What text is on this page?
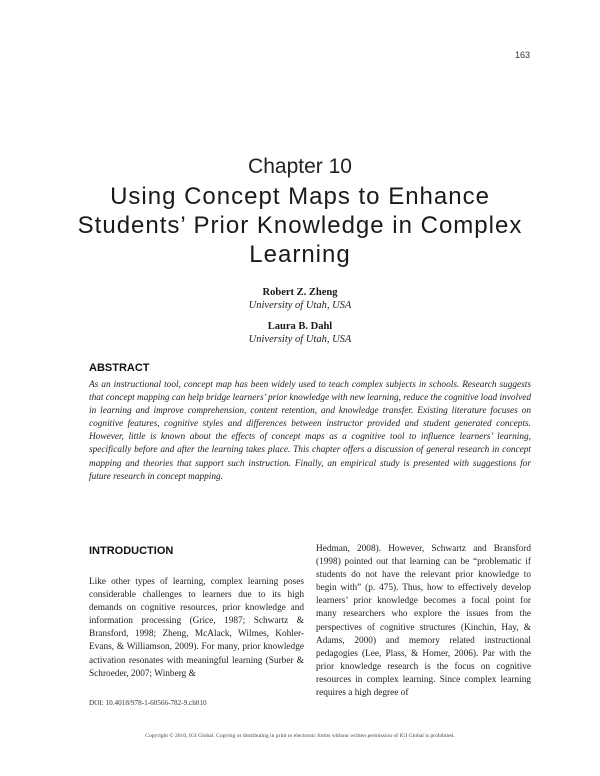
163
Chapter 10
Using Concept Maps to Enhance Students’ Prior Knowledge in Complex Learning
Robert Z. Zheng
University of Utah, USA
Laura B. Dahl
University of Utah, USA
ABSTRACT
As an instructional tool, concept map has been widely used to teach complex subjects in schools. Research suggests that concept mapping can help bridge learners’ prior knowledge with new learning, reduce the cognitive load involved in learning and improve comprehension, content retention, and knowledge transfer. Existing literature focuses on cognitive features, cognitive styles and differences between instructor provided and student generated concepts. However, little is known about the effects of concept maps as a cognitive tool to influence learners’ learning, specifically before and after the learning takes place. This chapter offers a discussion of general research in concept mapping and theories that support such instruction. Finally, an empirical study is presented with suggestions for future research in concept mapping.
INTRODUCTION

Like other types of learning, complex learning poses considerable challenges to learners due to its high demands on cognitive resources, prior knowledge and information processing (Grice, 1987; Schwartz & Bransford, 1998; Zheng, McAlack, Wilmes, Kohler-Evans, & Williamson, 2009). For many, prior knowledge activation resonates with meaningful learning (Surber & Schroeder, 2007; Winberg &

Hedman, 2008). However, Schwartz and Bransford (1998) pointed out that learning can be “problematic if students do not have the relevant prior knowledge to begin with” (p. 475). Thus, how to effectively develop learners’ prior knowledge becomes a focal point for many researchers who explore the issues from the perspectives of cognitive structures (Kinchin, Hay, & Adams, 2000) and memory related instructional pedagogies (Lee, Plass, & Homer, 2006). Par with the prior knowledge research is the focus on cognitive resources in complex learning. Since complex learning requires a high degree of

DOI: 10.4018/978-1-60566-782-9.ch010
Copyright © 2010, IGI Global. Copying or distributing in print or electronic forms without written permission of IGI Global is prohibited.
